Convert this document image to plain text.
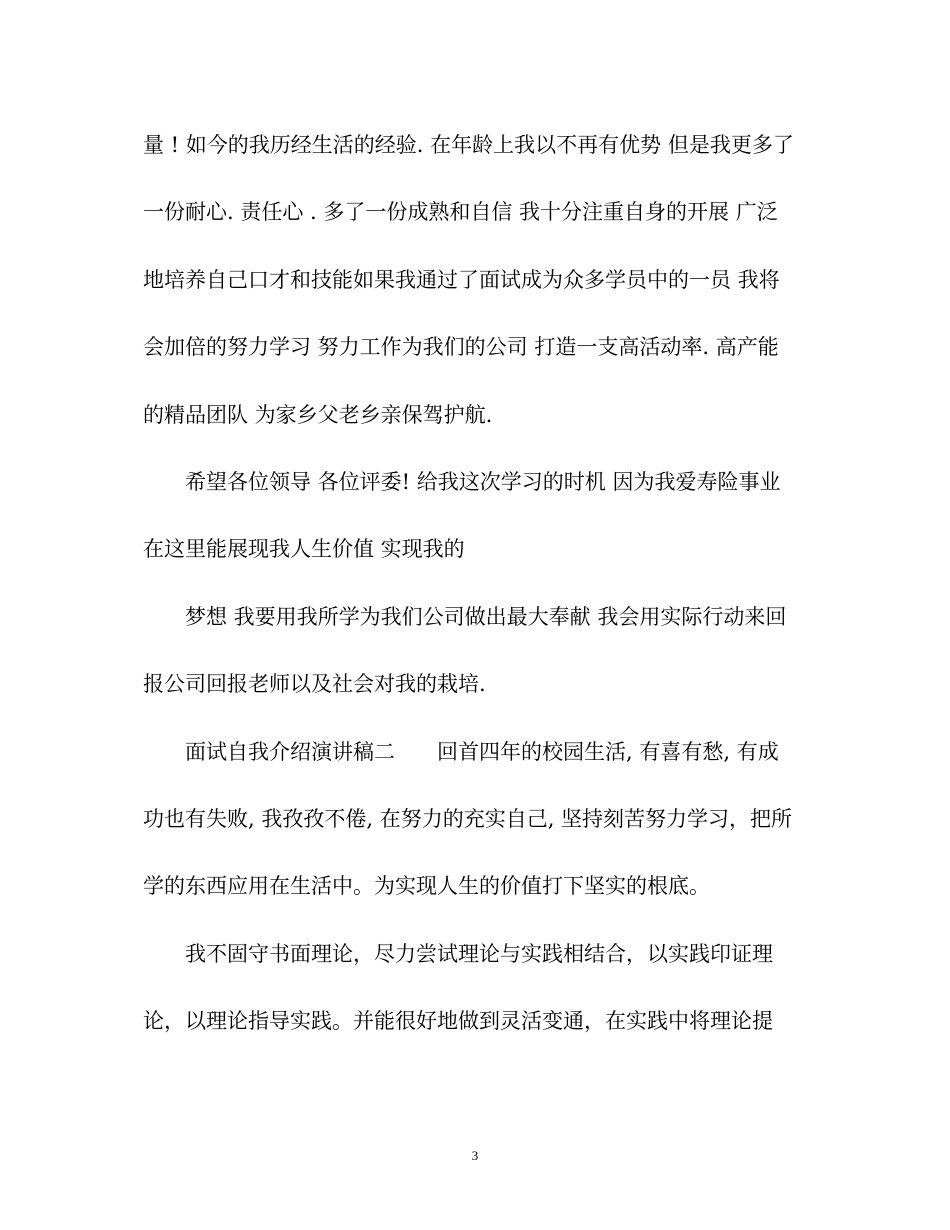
量 ! 如今的我历经生活的经验. 在年龄上我以不再有优势 但是我更多了
一份耐心. 责任心 . 多了一份成熟和自信 我十分注重自身的开展 广泛
地培养自己口才和技能如果我通过了面试成为众多学员中的一员 我将
会加倍的努力学习 努力工作为我们的公司 打造一支高活动率. 高产能
的精品团队 为家乡父老乡亲保驾护航.
希望各位领导 各位评委! 给我这次学习的时机 因为我爱寿险事业
在这里能展现我人生价值 实现我的
梦想 我要用我所学为我们公司做出最大奉献 我会用实际行动来回
报公司回报老师以及社会对我的栽培.
面试自我介绍演讲稿二　　回首四年的校园生活, 有喜有愁, 有成
功也有失败, 我孜孜不倦, 在努力的充实自己, 坚持刻苦努力学习，把所
学的东西应用在生活中。为实现人生的价值打下坚实的根底。
我不固守书面理论，尽力尝试理论与实践相结合，以实践印证理
论，以理论指导实践。并能很好地做到灵活变通，在实践中将理论提
3
